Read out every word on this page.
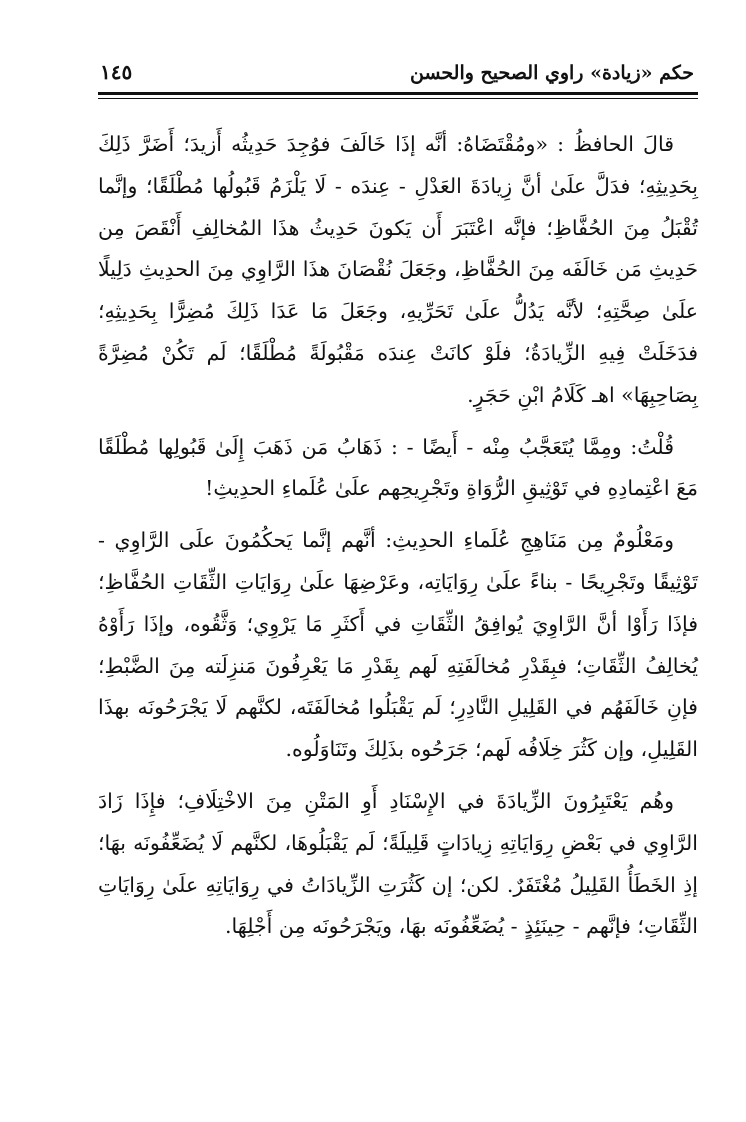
حكم «زيادة» راوي الصحيح والحسن
١٤٥

قالَ الحافظُ : «ومُقْتَضَاهُ: أنَّه إذَا خَالَفَ فوُجِدَ حَدِيثُه أَزيدَ؛ أَضَرَّ ذَلِكَ بِحَدِيثِهِ؛ فدَلَّ علَىٰ أنَّ زِيادَةَ العَدْلِ - عِندَه - لَا يَلْزَمُ قَبُولُها مُطْلَقًا؛ وإنَّما تُقْبَلُ مِنَ الحُفَّاظِ؛ فإنَّه اعْتَبَرَ أَن يَكونَ حَدِيثُ هذَا المُخالِفِ أَنْقَصَ مِن حَدِيثِ مَن خَالَفَه مِنَ الحُفَّاظِ، وجَعَلَ نُقْصَانَ هذَا الرَّاوِي مِنَ الحدِيثِ دَلِيلًا علَىٰ صِحَّتِهِ؛ لأنَّه يَدُلُّ علَىٰ تَحَرِّيهِ، وجَعَلَ مَا عَدَا ذَلِكَ مُضِرًّا بِحَدِيثِهِ؛ فدَخَلَتْ فِيهِ الزِّيادَةُ؛ فلَوْ كانَتْ عِندَه مَقْبُولَةً مُطْلَقًا؛ لَم تَكُنْ مُضِرَّةً بِصَاحِبِهَا» اهـ كَلَامُ ابْنِ حَجَرٍ.

قُلْتُ: ومِمَّا يُتَعَجَّبُ مِنْه - أَيضًا - : ذَهَابُ مَن ذَهَبَ إِلَىٰ قَبُولِها مُطْلَقًا مَعَ اعْتِمادِهِ في تَوْثِيقِ الرُّوَاةِ وتَجْرِيحِهم علَىٰ عُلَماءِ الحدِيثِ!

ومَعْلُومٌ مِن مَنَاهِجِ عُلَماءِ الحدِيثِ: أنَّهم إنَّما يَحكُمُونَ علَى الرَّاوِي - تَوْثِيقًا وتَجْرِيحًا - بناءً علَىٰ رِوَايَاتِه، وعَرْضِهَا علَىٰ رِوَايَاتِ الثِّقَاتِ الحُفَّاظِ؛ فإذَا رَأَوْا أنَّ الرَّاوِيَ يُوافِقُ الثِّقَاتِ في أَكثَرِ مَا يَرْوِي؛ وَثَّقُوه، وإذَا رَأَوْهُ يُخالِفُ الثِّقَاتِ؛ فبِقَدْرِ مُخالَفَتِهِ لَهم بِقَدْرِ مَا يَعْرِفُونَ مَنزِلَته مِنَ الضَّبْطِ؛ فإنِ خَالَفَهُم في القَلِيلِ النَّادِرِ؛ لَم يَقْبَلُوا مُخالَفَتَه، لكنَّهم لَا يَجْرَحُونَه بهذَا القَلِيلِ، وإن كَثُرَ خِلَافُه لَهم؛ جَرَحُوه بذَلِكَ وتَنَاوَلُوه.

وهُم يَعْتَبِرُونَ الزِّيادَةَ في الإِسْنَادِ أَوِ المَتْنِ مِنَ الاخْتِلَافِ؛ فإِذَا زَادَ الرَّاوِي في بَعْضِ رِوَايَاتِهِ زِيادَاتٍ قَلِيلَةً؛ لَم يَقْبَلُوهَا، لكنَّهم لَا يُضَعِّفُونَه بهَا؛ إذِ الخَطَأُ القَلِيلُ مُغْتَفَرٌ. لكن؛ إن كَثُرَتِ الزِّيادَاتُ في رِوَايَاتِهِ علَىٰ رِوَايَاتِ الثِّقَاتِ؛ فإنَّهم - حِينَئِذٍ - يُضَعِّفُونَه بهَا، ويَجْرَحُونَه مِن أَجْلِهَا.
